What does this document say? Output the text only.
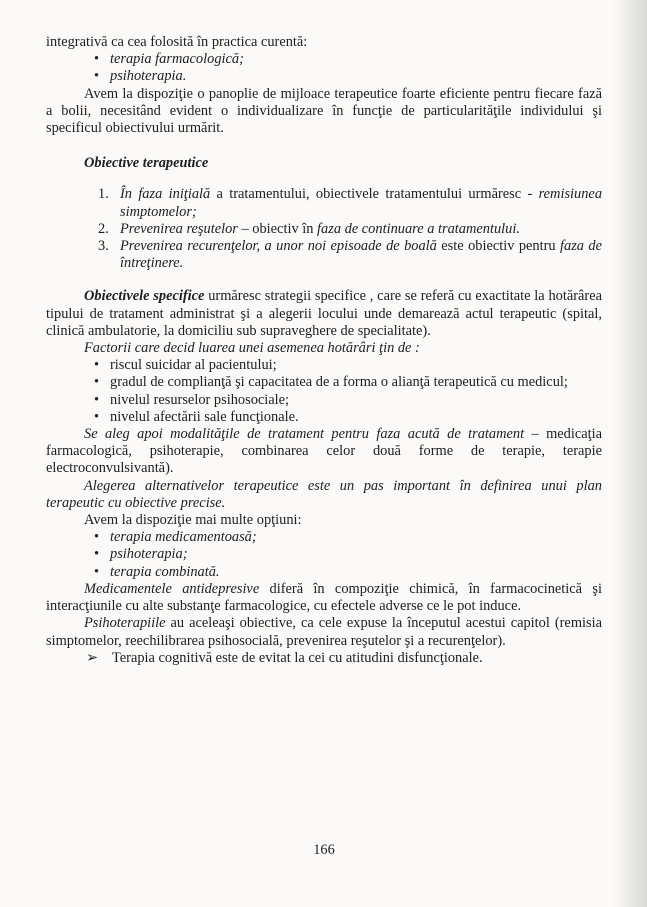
integrativă ca cea folosită în practica curentă:

• terapia farmacologică;
• psihoterapia.

Avem la dispoziţie o panoplie de mijloace terapeutice foarte eficiente pentru fiecare fază a bolii, necesitând evident o individualizare în funcţie de particularităţile individului şi specificul obiectivului urmărit.

Obiective terapeutice

1. În faza iniţială a tratamentului, obiectivele tratamentului urmăresc - remisiunea simptomelor;
2. Prevenirea reşutelor – obiectiv în faza de continuare a tratamentului.
3. Prevenirea recurenţelor, a unor noi episoade de boală este obiectiv pentru faza de întreţinere.

Obiectivele specifice urmăresc strategii specifice , care se referă cu exactitate la hotărârea tipului de tratament administrat şi a alegerii locului unde demarează actul terapeutic (spital, clinică ambulatorie, la domiciliu sub supraveghere de specialitate).

Factorii care decid luarea unei asemenea hotărâri ţin de :

• riscul suicidar al pacientului;
• gradul de complianţă şi capacitatea de a forma o alianţă terapeutică cu medicul;
• nivelul resurselor psihosociale;
• nivelul afectării sale funcţionale.

Se aleg apoi modalităţile de tratament pentru faza acută de tratament – medicaţia farmacologică, psihoterapie, combinarea celor două forme de terapie, terapie electroconvulsivantă).

Alegerea alternativelor terapeutice este un pas important în definirea unui plan terapeutic cu obiective precise.

Avem la dispoziţie mai multe opţiuni:

• terapia medicamentoasă;
• psihoterapia;
• terapia combinată.

Medicamentele antidepresive diferă în compoziţie chimică, în farmacocinetică şi interacţiunile cu alte substanţe farmacologice, cu efectele adverse ce le pot induce.

Psihoterapiile au aceleaşi obiective, ca cele expuse la începutul acestui capitol (remisia simptomelor, reechilibrarea psihosocială, prevenirea reşutelor şi a recurenţelor).

➢ Terapia cognitivă este de evitat la cei cu atitudini disfuncţionale.

166
